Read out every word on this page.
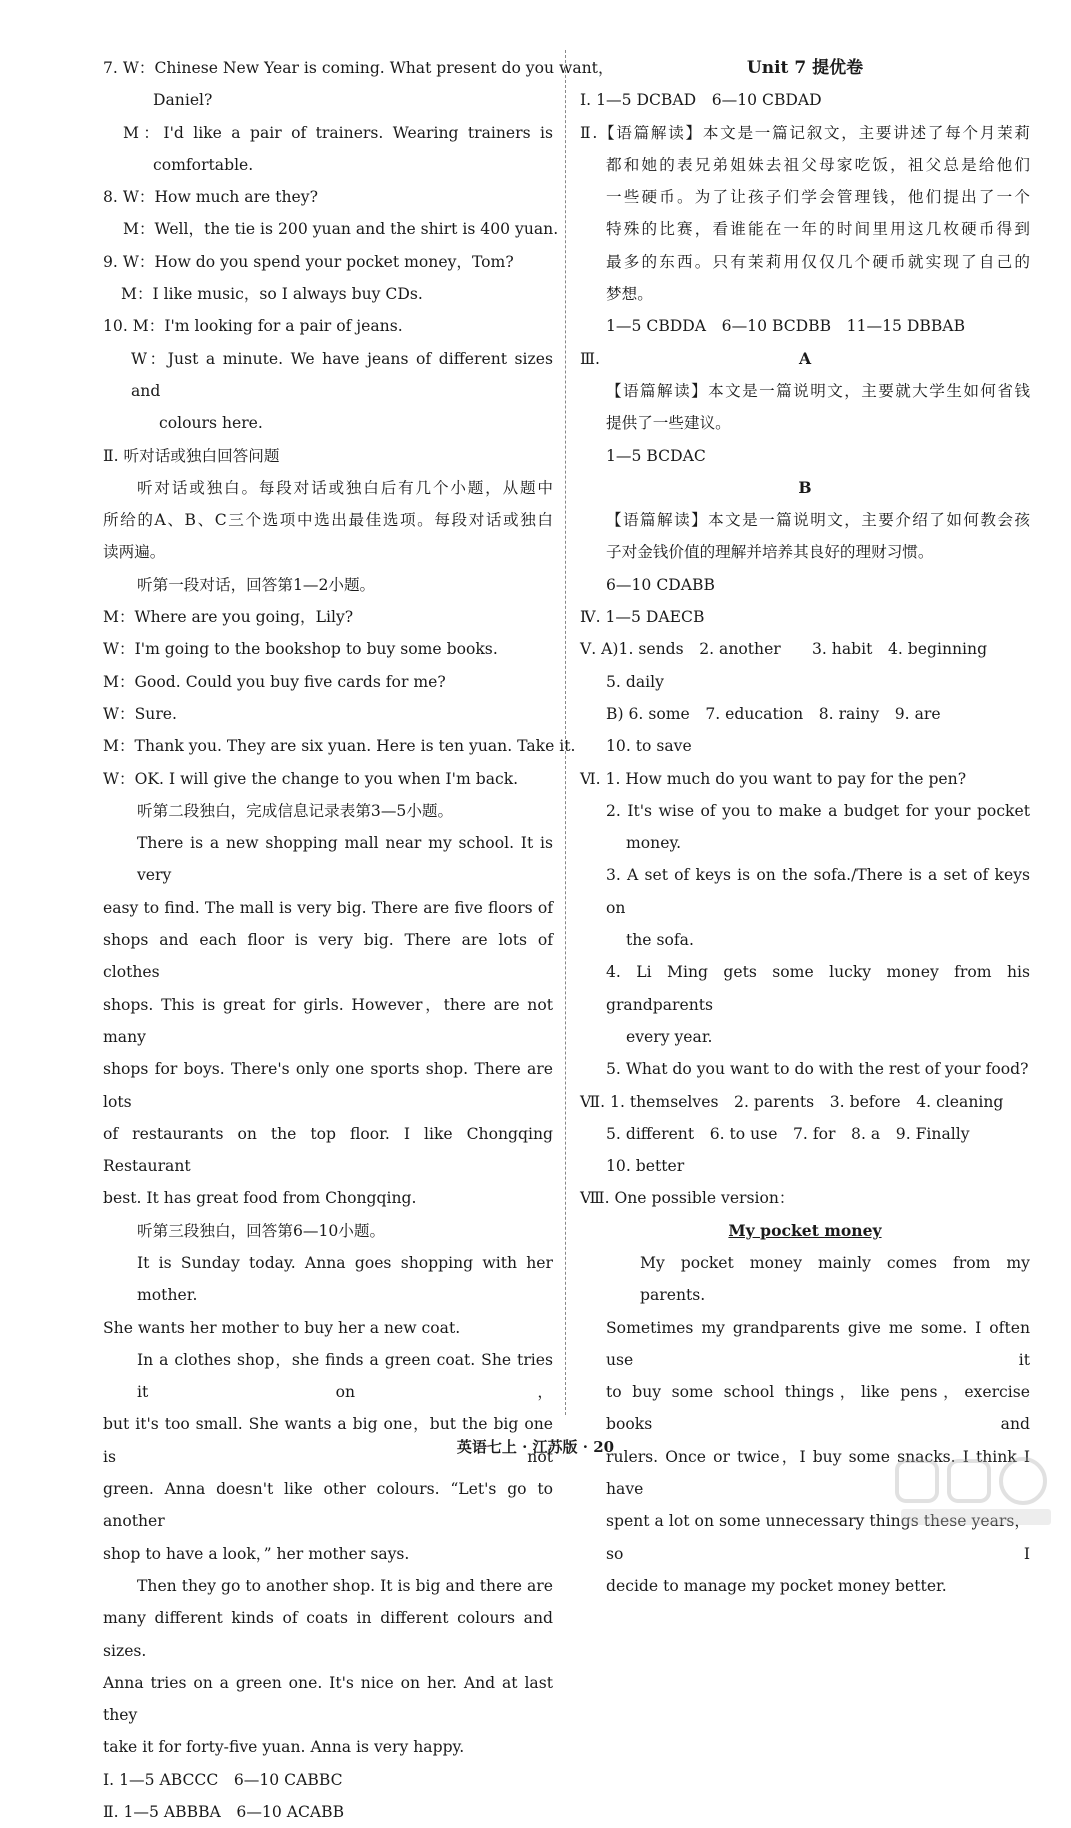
7. W：Chinese New Year is coming. What present do you want，
Daniel?
M：I'd like a pair of trainers. Wearing trainers is
comfortable.
8. W：How much are they?
M：Well，the tie is 200 yuan and the shirt is 400 yuan.
9. W：How do you spend your pocket money，Tom?
M：I like music，so I always buy CDs.
10. M：I'm looking for a pair of jeans.
W：Just a minute. We have jeans of different sizes and
colours here.
Ⅱ. 听对话或独白回答问题
听对话或独白。每段对话或独白后有几个小题，从题中
所给的A、B、C三个选项中选出最佳选项。每段对话或独白
读两遍。
听第一段对话，回答第1—2小题。
M：Where are you going，Lily?
W：I'm going to the bookshop to buy some books.
M：Good. Could you buy five cards for me?
W：Sure.
M：Thank you. They are six yuan. Here is ten yuan. Take it.
W：OK. I will give the change to you when I'm back.
听第二段独白，完成信息记录表第3—5小题。
There is a new shopping mall near my school. It is very
easy to find. The mall is very big. There are five floors of
shops and each floor is very big. There are lots of clothes
shops. This is great for girls. However，there are not many
shops for boys. There's only one sports shop. There are lots
of restaurants on the top floor. I like Chongqing Restaurant
best. It has great food from Chongqing.
听第三段独白，回答第6—10小题。
It is Sunday today. Anna goes shopping with her mother.
She wants her mother to buy her a new coat.
In a clothes shop，she finds a green coat. She tries it on，
but it's too small. She wants a big one，but the big one is not
green. Anna doesn't like other colours. “Let's go to another
shop to have a look，” her mother says.
Then they go to another shop. It is big and there are
many different kinds of coats in different colours and sizes.
Anna tries on a green one. It's nice on her. And at last they
take it for forty-five yuan. Anna is very happy.
Ⅰ. 1—5 ABCCC　6—10 CABBC
Ⅱ. 1—5 ABBBA　6—10 ACABB
Unit 7 提优卷
Ⅰ. 1—5 DCBAD　6—10 CBDAD
Ⅱ.【语篇解读】本文是一篇记叙文，主要讲述了每个月茉莉
都和她的表兄弟姐妹去祖父母家吃饭，祖父总是给他们
一些硬币。为了让孩子们学会管理钱，他们提出了一个
特殊的比赛，看谁能在一年的时间里用这几枚硬币得到
最多的东西。只有茉莉用仅仅几个硬币就实现了自己的
梦想。
1—5 CBDDA　6—10 BCDBB　11—15 DBBAB
Ⅲ.	A
【语篇解读】本文是一篇说明文，主要就大学生如何省钱
提供了一些建议。
1—5 BCDAC
B
【语篇解读】本文是一篇说明文，主要介绍了如何教会孩
子对金钱价值的理解并培养其良好的理财习惯。
6—10 CDABB
Ⅳ. 1—5 DAECB
Ⅴ. A)1. sends　2. another　　3. habit　4. beginning
5. daily
B) 6. some　7. education　8. rainy　9. are
10. to save
Ⅵ. 1. How much do you want to pay for the pen?
2. It's wise of you to make a budget for your pocket
money.
3. A set of keys is on the sofa./There is a set of keys on
the sofa.
4. Li Ming gets some lucky money from his grandparents
every year.
5. What do you want to do with the rest of your food?
Ⅶ. 1. themselves　2. parents　3. before　4. cleaning
5. different　6. to use　7. for　8. a　9. Finally
10. better
Ⅷ. One possible version：
My pocket money
My pocket money mainly comes from my parents.
Sometimes my grandparents give me some. I often use it
to buy some school things，like pens，exercise books and
rulers. Once or twice，I buy some snacks. I think I have
spent a lot on some unnecessary things these years，so I
decide to manage my pocket money better.
英语七上 · 江苏版 · 20
